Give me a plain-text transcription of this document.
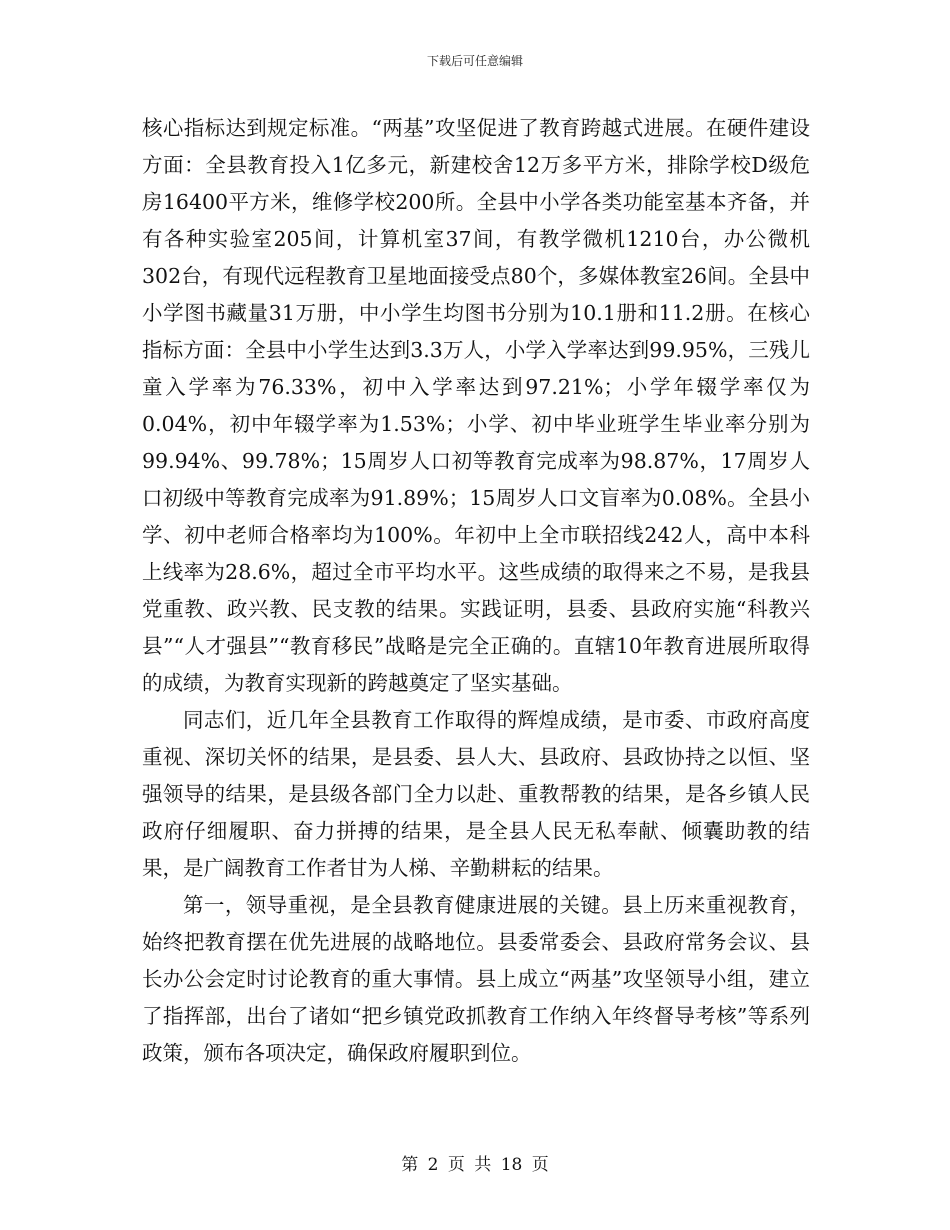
下载后可任意编辑

核心指标达到规定标准。“两基”攻坚促进了教育跨越式进展。在硬件建设方面：全县教育投入1亿多元，新建校舍12万多平方米，排除学校D级危房16400平方米，维修学校200所。全县中小学各类功能室基本齐备，并有各种实验室205间，计算机室37间，有教学微机1210台，办公微机302台，有现代远程教育卫星地面接受点80个，多媒体教室26间。全县中小学图书藏量31万册，中小学生均图书分别为10.1册和11.2册。在核心指标方面：全县中小学生达到3.3万人，小学入学率达到99.95%，三残儿童入学率为76.33%，初中入学率达到97.21%；小学年辍学率仅为0.04%，初中年辍学率为1.53%；小学、初中毕业班学生毕业率分别为99.94%、99.78%；15周岁人口初等教育完成率为98.87%，17周岁人口初级中等教育完成率为91.89%；15周岁人口文盲率为0.08%。全县小学、初中老师合格率均为100%。年初中上全市联招线242人，高中本科上线率为28.6%，超过全市平均水平。这些成绩的取得来之不易，是我县党重教、政兴教、民支教的结果。实践证明，县委、县政府实施“科教兴县”“人才强县”“教育移民”战略是完全正确的。直辖10年教育进展所取得的成绩，为教育实现新的跨越奠定了坚实基础。

同志们，近几年全县教育工作取得的辉煌成绩，是市委、市政府高度重视、深切关怀的结果，是县委、县人大、县政府、县政协持之以恒、坚强领导的结果，是县级各部门全力以赴、重教帮教的结果，是各乡镇人民政府仔细履职、奋力拼搏的结果，是全县人民无私奉献、倾囊助教的结果，是广阔教育工作者甘为人梯、辛勤耕耘的结果。

第一，领导重视，是全县教育健康进展的关键。县上历来重视教育，始终把教育摆在优先进展的战略地位。县委常委会、县政府常务会议、县长办公会定时讨论教育的重大事情。县上成立“两基”攻坚领导小组，建立了指挥部，出台了诸如“把乡镇党政抓教育工作纳入年终督导考核”等系列政策，颁布各项决定，确保政府履职到位。

第 2 页 共 18 页
